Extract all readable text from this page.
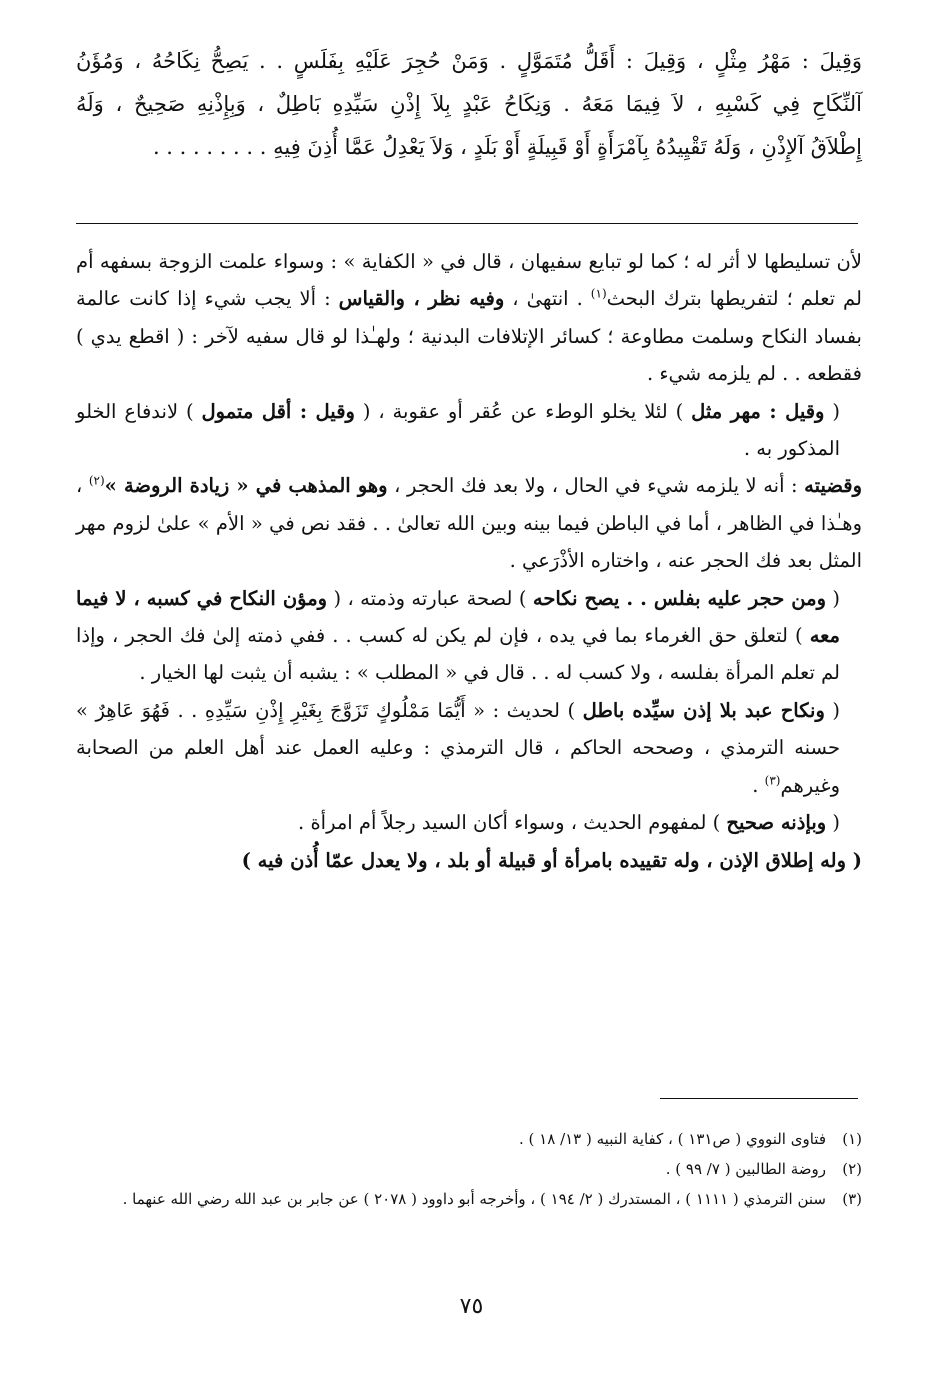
وَقِيلَ : مَهْرُ مِثْلٍ ، وَقِيلَ : أَقَلُّ مُتَمَوَّلٍ . وَمَنْ حُجِرَ عَلَيْهِ بِفَلَسٍ . . يَصِحُّ نِكَاحُهُ ، وَمُؤَنُ

آلنِّكَاحِ فِي كَسْبِهِ ، لاَ فِيمَا مَعَهُ . وَنِكَاحُ عَبْدٍ بِلاَ إِذْنِ سَيِّدِهِ بَاطِلٌ ، وَبِإِذْنِهِ صَحِيحٌ ، وَلَهُ

إِطْلاَقُ آلإِذْنِ ، وَلَهُ تَقْيِيدُهُ بِآمْرَأَةٍ أَوْ قَبِيلَةٍ أَوْ بَلَدٍ ، وَلاَ يَعْدِلُ عَمَّا أُذِنَ فِيهِ . . . . . . . . .

لأن تسليطها لا أثر له ؛ كما لو تبايع سفيهان ، قال في « الكفاية » : وسواء علمت الزوجة بسفهه أم لم تعلم ؛ لتفريطها بترك البحث$^{(١)}$ . انتهىٰ ، وفيه نظر ، والقياس : ألا يجب شيء إذا كانت عالمة بفساد النكاح وسلمت مطاوعة ؛ كسائر الإتلافات البدنية ؛ ولهـٰذا لو قال سفيه لآخر : ( اقطع يدي ) فقطعه . . لم يلزمه شيء .

( وقيل : مهر مثل ) لئلا يخلو الوطء عن عُقر أو عقوبة ، ( وقيل : أقل متمول ) لاندفاع الخلو المذكور به .

وقضيته : أنه لا يلزمه شيء في الحال ، ولا بعد فك الحجر ، وهو المذهب في « زيادة الروضة »$^{(٢)}$ ، وهـٰذا في الظاهر ، أما في الباطن فيما بينه وبين الله تعالىٰ . . فقد نص في « الأم » علىٰ لزوم مهر المثل بعد فك الحجر عنه ، واختاره الأذْرَعي .

( ومن حجر عليه بفلس . . يصح نكاحه ) لصحة عبارته وذمته ، ( ومؤن النكاح في كسبه ، لا فيما معه ) لتعلق حق الغرماء بما في يده ، فإن لم يكن له كسب . . ففي ذمته إلىٰ فك الحجر ، وإذا لم تعلم المرأة بفلسه ، ولا كسب له . . قال في « المطلب » : يشبه أن يثبت لها الخيار .

( ونكاح عبد بلا إذن سيِّده باطل ) لحديث : « أَيُّمَا مَمْلُوكٍ تَزَوَّجَ بِغَيْرِ إِذْنِ سَيِّدِهِ . . فَهُوَ عَاهِرٌ » حسنه الترمذي ، وصححه الحاكم ، قال الترمذي : وعليه العمل عند أهل العلم من الصحابة وغيرهم$^{(٣)}$ .

( وبإذنه صحيح ) لمفهوم الحديث ، وسواء أكان السيد رجلاً أم امرأة .

( وله إطلاق الإذن ، وله تقييده بامرأة أو قبيلة أو بلد ، ولا يعدل عمّا أُذن فيه )

(١)
فتاوى النووي ( ص١٣١ ) ، كفاية النبيه ( ١٣/ ١٨ ) .
(٢)
روضة الطالبين ( ٧/ ٩٩ ) .
(٣)
سنن الترمذي ( ١١١١ ) ، المستدرك ( ٢/ ١٩٤ ) ، وأخرجه أبو داوود ( ٢٠٧٨ ) عن جابر بن عبد الله رضي الله عنهما .
٧٥
